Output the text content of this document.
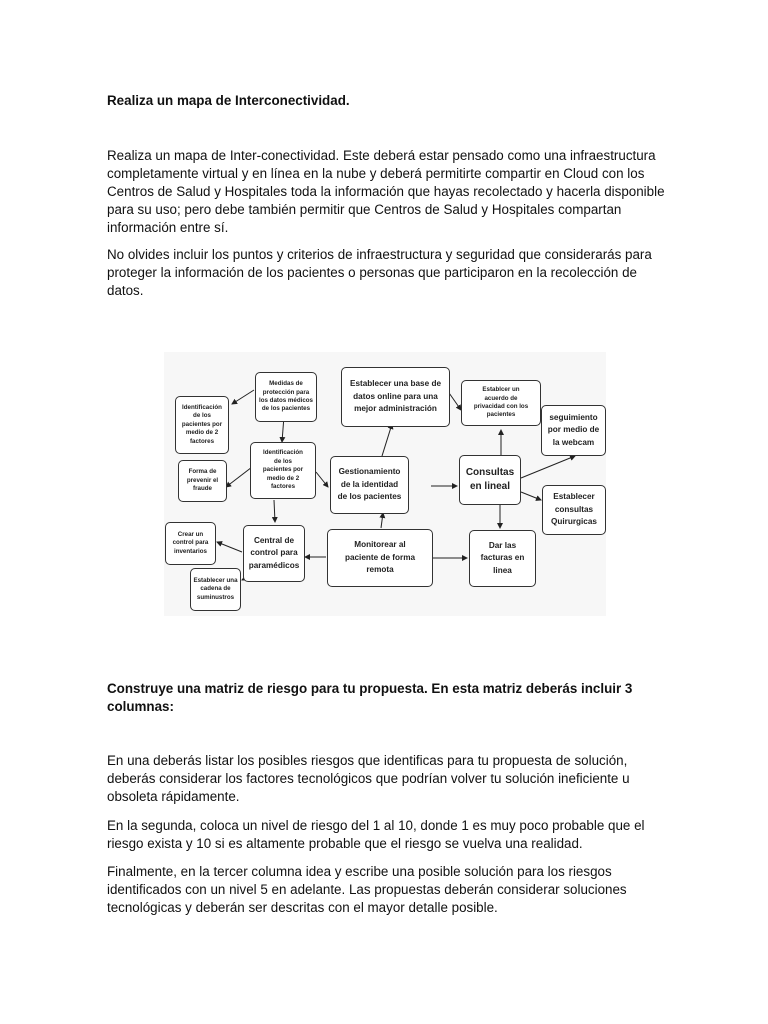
Realiza un mapa de Interconectividad.

Realiza un mapa de Inter-conectividad. Este deberá estar pensado como una infraestructura completamente virtual y en línea en la nube y deberá permitirte compartir en Cloud con los Centros de Salud y Hospitales toda la información que hayas recolectado y hacerla disponible para su uso; pero debe también permitir que Centros de Salud y Hospitales compartan información entre sí.

No olvides incluir los puntos y criterios de infraestructura y seguridad que considerarás para proteger la información de los pacientes o personas que participaron en la recolección de datos.

Medidas de
protección para
los datos médicos
de los pacientes
Establecer una base de
datos online para una
mejor administración
Establcer un
acuerdo de
privacidad con los
pacientes	seguimiento
por medio de
la webcam
Identificación
de los
pacientes por
medio de 2
factores
Identificación
de los
pacientes por
medio de 2
factores
Gestionamiento
de la identidad
de los pacientes
Consultas
en lineal
Forma de
prevenir el
fraude
Establecer
consultas
Quirurgicas
Crear un
control para
inventarios
Central de
control para
paramédicos
Monitorear al
paciente de forma
remota
Dar las
facturas en
linea
Establecer una
cadena de
suminustros

Construye una matriz de riesgo para tu propuesta. En esta matriz deberás incluir 3 columnas:

En una deberás listar los posibles riesgos que identificas para tu propuesta de solución, deberás considerar los factores tecnológicos que podrían volver tu solución ineficiente u obsoleta rápidamente.

En la segunda, coloca un nivel de riesgo del 1 al 10, donde 1 es muy poco probable que el riesgo exista y 10 si es altamente probable que el riesgo se vuelva una realidad.

Finalmente, en la tercer columna idea y escribe una posible solución para los riesgos identificados con un nivel 5 en adelante. Las propuestas deberán considerar soluciones tecnológicas y deberán ser descritas con el mayor detalle posible.
